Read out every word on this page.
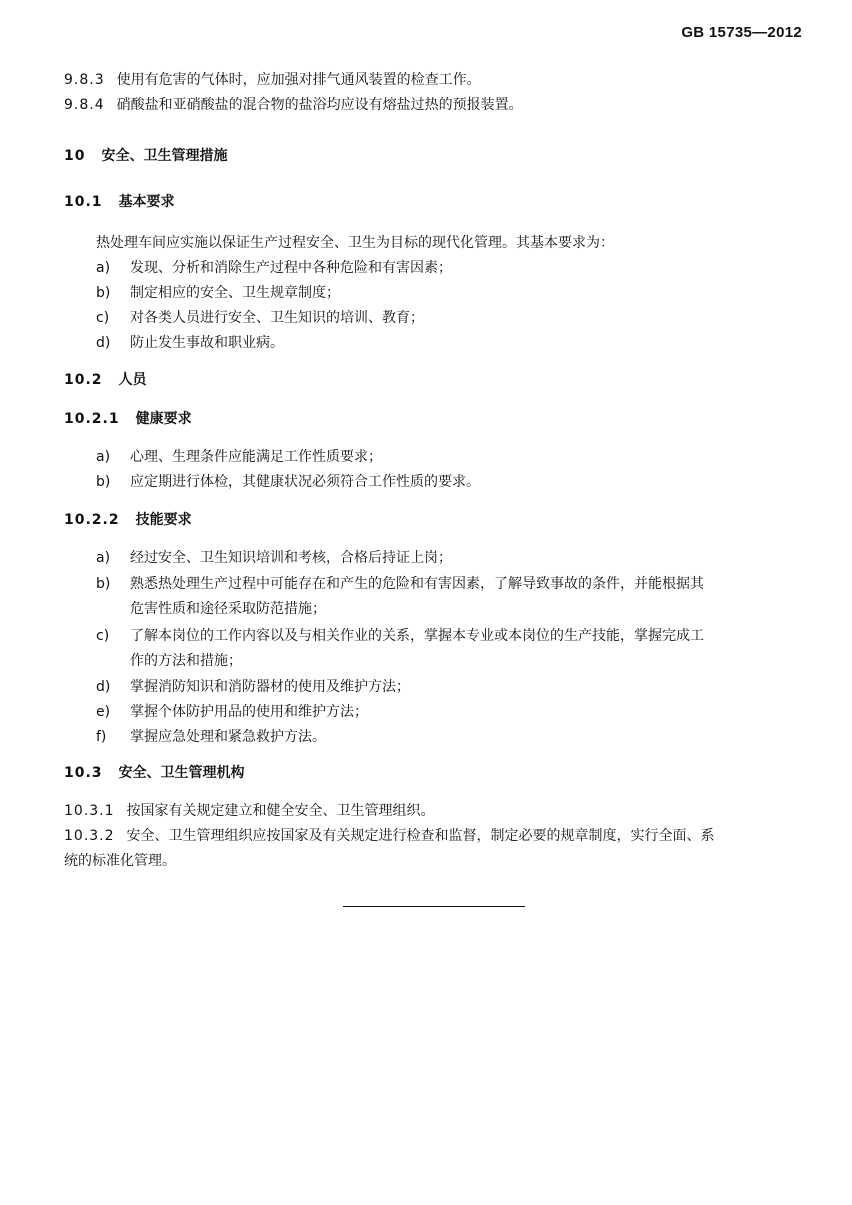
GB 15735—2012
9.8.3 使用有危害的气体时，应加强对排气通风装置的检查工作。
9.8.4 硝酸盐和亚硝酸盐的混合物的盐浴均应设有熔盐过热的预报装置。
10 安全、卫生管理措施
10.1 基本要求
热处理车间应实施以保证生产过程安全、卫生为目标的现代化管理。其基本要求为：
a) 发现、分析和消除生产过程中各种危险和有害因素；
b) 制定相应的安全、卫生规章制度；
c) 对各类人员进行安全、卫生知识的培训、教育；
d) 防止发生事故和职业病。
10.2 人员
10.2.1 健康要求
a) 心理、生理条件应能满足工作性质要求；
b) 应定期进行体检，其健康状况必须符合工作性质的要求。
10.2.2 技能要求
a) 经过安全、卫生知识培训和考核，合格后持证上岗；
b) 熟悉热处理生产过程中可能存在和产生的危险和有害因素，了解导致事故的条件，并能根据其
危害性质和途径采取防范措施；
c) 了解本岗位的工作内容以及与相关作业的关系，掌握本专业或本岗位的生产技能，掌握完成工
作的方法和措施；
d) 掌握消防知识和消防器材的使用及维护方法；
e) 掌握个体防护用品的使用和维护方法；
f) 掌握应急处理和紧急救护方法。
10.3 安全、卫生管理机构
10.3.1 按国家有关规定建立和健全安全、卫生管理组织。
10.3.2 安全、卫生管理组织应按国家及有关规定进行检查和监督，制定必要的规章制度，实行全面、系
统的标准化管理。
